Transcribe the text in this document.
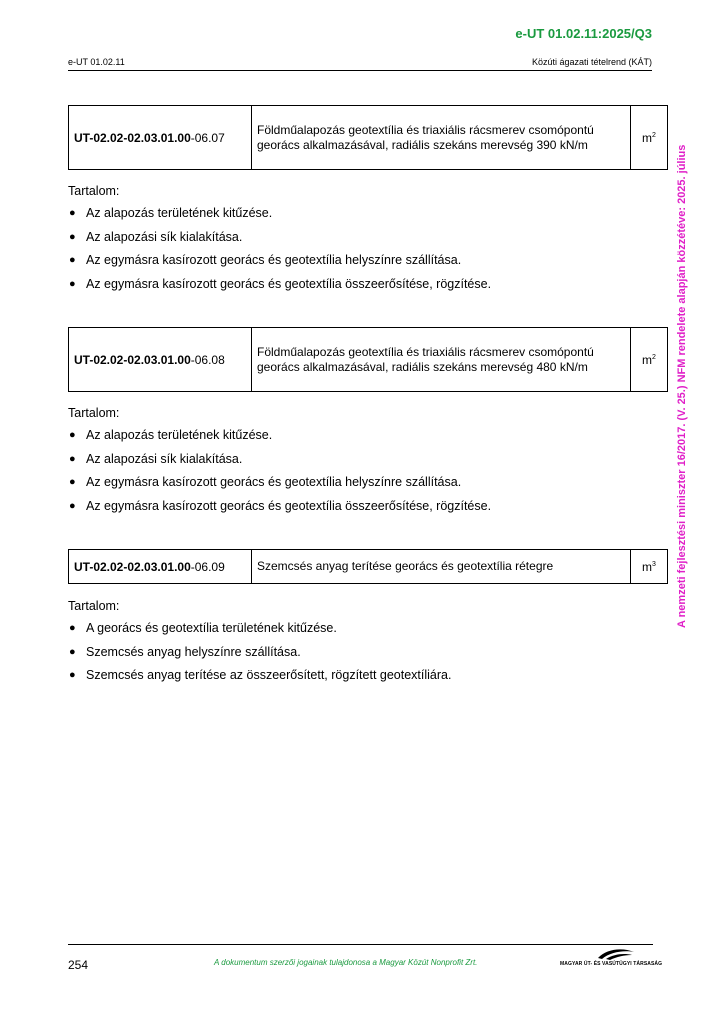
e-UT 01.02.11:2025/Q3
e-UT 01.02.11	Közúti ágazati tételrend (KÁT)
A nemzeti fejlesztési miniszter 16/2017. (V. 25.) NFM rendelete alapján közzétéve: 2025. július
UT-02.02-02.03.01.00-06.07	Földműalapozás geotextília és triaxiális rácsmerev csomópontú georács alkalmazásával, radiális szekáns merevség 390 kN/m	$m^2$
Tartalom:
● Az alapozás területének kitűzése.
● Az alapozási sík kialakítása.
● Az egymásra kasírozott georács és geotextília helyszínre szállítása.
● Az egymásra kasírozott georács és geotextília összeerősítése, rögzítése.
UT-02.02-02.03.01.00-06.08	Földműalapozás geotextília és triaxiális rácsmerev csomópontú georács alkalmazásával, radiális szekáns merevség 480 kN/m	$m^2$
Tartalom:
● Az alapozás területének kitűzése.
● Az alapozási sík kialakítása.
● Az egymásra kasírozott georács és geotextília helyszínre szállítása.
● Az egymásra kasírozott georács és geotextília összeerősítése, rögzítése.
UT-02.02-02.03.01.00-06.09	Szemcsés anyag terítése georács és geotextília rétegre	$m^3$
Tartalom:
● A georács és geotextília területének kitűzése.
● Szemcsés anyag helyszínre szállítása.
● Szemcsés anyag terítése az összeerősített, rögzített geotextíliára.
254	A dokumentum szerzői jogainak tulajdonosa a Magyar Közút Nonprofit Zrt.	MAGYAR ÚT- ÉS VASÚTÜGYI TÁRSASÁG
